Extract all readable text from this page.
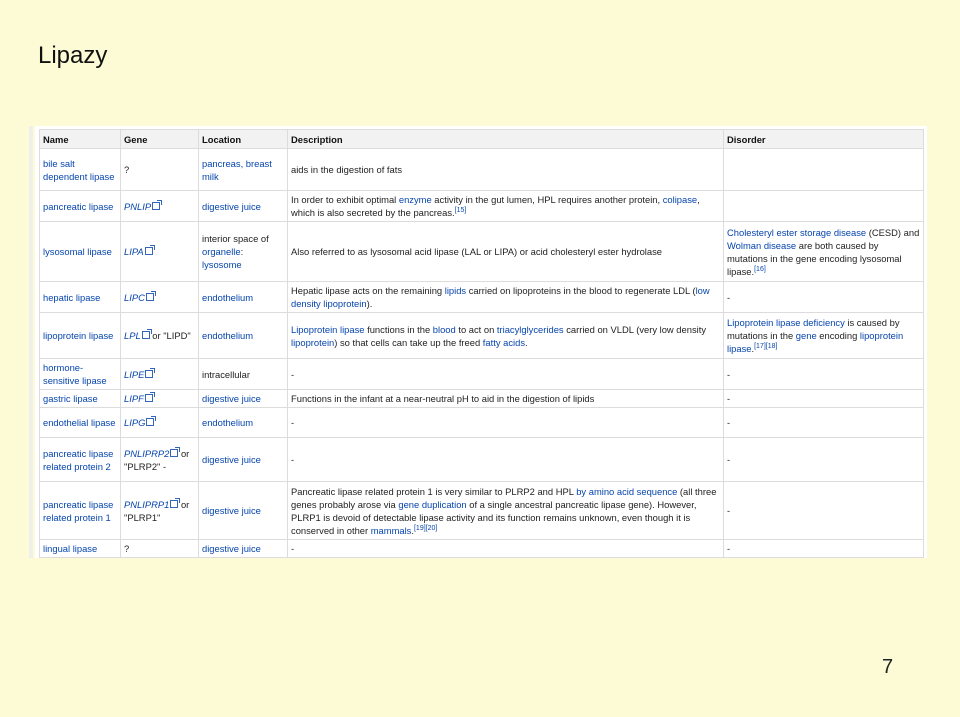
Lipazy
Name	Gene	Location	Description	Disorder
bile salt dependent lipase	?	pancreas, breast milk	aids in the digestion of fats	
pancreatic lipase	PNLIP	digestive juice	In order to exhibit optimal enzyme activity in the gut lumen, HPL requires another protein, colipase, which is also secreted by the pancreas.[15]	
lysosomal lipase	LIPA	interior space of organelle: lysosome	Also referred to as lysosomal acid lipase (LAL or LIPA) or acid cholesteryl ester hydrolase	Cholesteryl ester storage disease (CESD) and Wolman disease are both caused by mutations in the gene encoding lysosomal lipase.[16]
hepatic lipase	LIPC	endothelium	Hepatic lipase acts on the remaining lipids carried on lipoproteins in the blood to regenerate LDL (low density lipoprotein).	-
lipoprotein lipase	LPL or "LIPD"	endothelium	Lipoprotein lipase functions in the blood to act on triacylglycerides carried on VLDL (very low density lipoprotein) so that cells can take up the freed fatty acids.	Lipoprotein lipase deficiency is caused by mutations in the gene encoding lipoprotein lipase.[17][18]
hormone-sensitive lipase	LIPE	intracellular	-	-
gastric lipase	LIPF	digestive juice	Functions in the infant at a near-neutral pH to aid in the digestion of lipids	-
endothelial lipase	LIPG	endothelium	-	-
pancreatic lipase related protein 2	PNLIPRP2 or "PLRP2" -	digestive juice	-	-
pancreatic lipase related protein 1	PNLIPRP1 or "PLRP1"	digestive juice	Pancreatic lipase related protein 1 is very similar to PLRP2 and HPL by amino acid sequence (all three genes probably arose via gene duplication of a single ancestral pancreatic lipase gene). However, PLRP1 is devoid of detectable lipase activity and its function remains unknown, even though it is conserved in other mammals.[19][20]	-
lingual lipase	?	digestive juice	-	-
7
